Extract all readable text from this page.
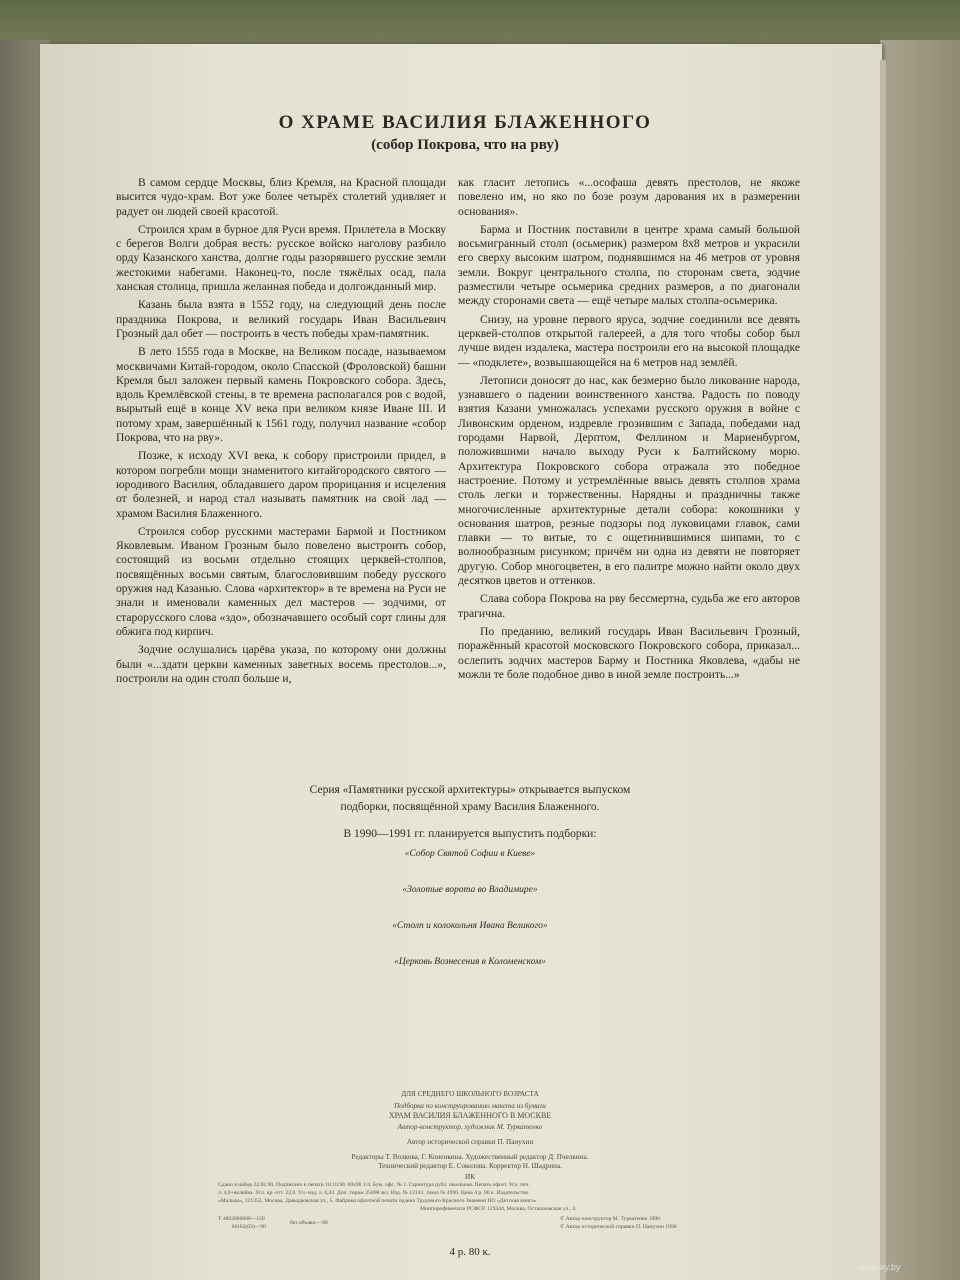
О ХРАМЕ ВАСИЛИЯ БЛАЖЕННОГО
(собор Покрова, что на рву)

В самом сердце Москвы, близ Кремля, на Красной площади высится чудо-храм. Вот уже более четырёх столетий удивляет и радует он людей своей красотой.

Строился храм в бурное для Руси время. Прилетела в Москву с берегов Волги добрая весть: русское войско наголову разбило орду Казанского ханства, долгие годы разорявшего русские земли жестокими набегами. Наконец-то, после тяжёлых осад, пала ханская столица, пришла желанная победа и долгожданный мир.

Казань была взята в 1552 году, на следующий день после праздника Покрова, и великий государь Иван Васильевич Грозный дал обет — построить в честь победы храм-памятник.

В лето 1555 года в Москве, на Великом посаде, называемом москвичами Китай-городом, около Спасской (Фроловской) башни Кремля был заложен первый камень Покровского собора. Здесь, вдоль Кремлёвской стены, в те времена располагался ров с водой, вырытый ещё в конце XV века при великом князе Иване III. И потому храм, завершённый к 1561 году, получил название «собор Покрова, что на рву».

Позже, к исходу XVI века, к собору пристроили придел, в котором погребли мощи знаменитого китайгородского святого — юродивого Василия, обладавшего даром прорицания и исцеления от болезней, и народ стал называть памятник на свой лад — храмом Василия Блаженного.

Строился собор русскими мастерами Бармой и Постником Яковлевым. Иваном Грозным было повелено выстроить собор, состоящий из восьми отдельно стоящих церквей-столпов, посвящённых восьми святым, благословившим победу русского оружия над Казанью. Слова «архитектор» в те времена на Руси не знали и именовали каменных дел мастеров — зодчими, от старорусского слова «здо», обозначавшего особый сорт глины для обжига под кирпич.

Зодчие ослушались царёва указа, по которому они должны были «...здати церкви каменных заветных восемь престолов...», построили на один столп больше и,

как гласит летопись «...ософаша девять престолов, не якоже повелено им, но яко по бозе розум дарования их в размерении основания».

Барма и Постник поставили в центре храма самый большой восьмигранный столп (осьмерик) размером 8х8 метров и украсили его сверху высоким шатром, поднявшимся на 46 метров от уровня земли. Вокруг центрального столпа, по сторонам света, зодчие разместили четыре осьмерика средних размеров, а по диагонали между сторонами света — ещё четыре малых столпа-осьмерика.

Снизу, на уровне первого яруса, зодчие соединили все девять церквей-столпов открытой галереей, а для того чтобы собор был лучше виден издалека, мастера построили его на высокой площадке — «подклете», возвышающейся на 6 метров над землёй.

Летописи доносят до нас, как безмерно было ликование народа, узнавшего о падении воинственного ханства. Радость по поводу взятия Казани умножалась успехами русского оружия в войне с Ливонским орденом, издревле грозившим с Запада, победами над городами Нарвой, Дерптом, Феллином и Мариенбургом, положившими начало выходу Руси к Балтийскому морю. Архитектура Покровского собора отражала это победное настроение. Потому и устремлённые ввысь девять столпов храма столь легки и торжественны. Нарядны и праздничны также многочисленные архитектурные детали собора: кокошники у основания шатров, резные подзоры под луковицами главок, сами главки — то витые, то с ощетинившимися шипами, то с волнообразным рисунком; причём ни одна из девяти не повторяет другую. Собор многоцветен, в его палитре можно найти около двух десятков цветов и оттенков.

Слава собора Покрова на рву бессмертна, судьба же его авторов трагична.

По преданию, великий государь Иван Васильевич Грозный, поражённый красотой московского Покровского собора, приказал... ослепить зодчих мастеров Барму и Постника Яковлева, «дабы не можли те боле подобное диво в иной земле построить...»

Серия «Памятники русской архитектуры» открывается выпуском
подборки, посвящённой храму Василия Блаженного.
В 1990—1991 гг. планируется выпустить подборки:
«Собор Святой Софии в Киеве»
«Золотые ворота во Владимире»
«Столп и колокольня Ивана Великого»
«Церковь Вознесения в Коломенском»
ДЛЯ СРЕДНЕГО ШКОЛЬНОГО ВОЗРАСТА
Подборка по конструированию макета из бумаги
ХРАМ ВАСИЛИЯ БЛАЖЕННОГО В МОСКВЕ
Автор-конструктор, художник М. Туркатенко
Автор исторической справки П. Панухин
Редакторы Т. Волкова, Г. Коненкина. Художественный редактор Д. Пчелкина.
Технический редактор Е. Соколова. Корректор Н. Шадрина.
ИК
Сдано в набор 22.02.90. Подписано к печати 10.10.90. 60х90 1/4. Бум. офс. № 1. Гарнитура рубл. школьная. Печать офсет. Усл. печ.
л. 4,0+вклейка. Усл. кр.-отт. 22,0. Уч.-изд. л. 6,43. Доп. тираж 25000 экз. Изд. № 12143. Заказ № 4990. Цена 4 р. 80 к. Издательство
«Малыш», 121352, Москва, Давыдковская ул., 5. Фабрика офсетной печати ордена Трудового Красного Знамени ПО «Детская книга»
Минпорофнмечати РСФСР. 129344, Москва, Осташковская ул., 4.
Т 4802000000—158
М102(03)—90
без объявл.—90
© Автор-конструктор М. Туркатенко 1990
© Автор исторической справки П. Панухин 1990
4 р. 80 к.
www.ay.by
